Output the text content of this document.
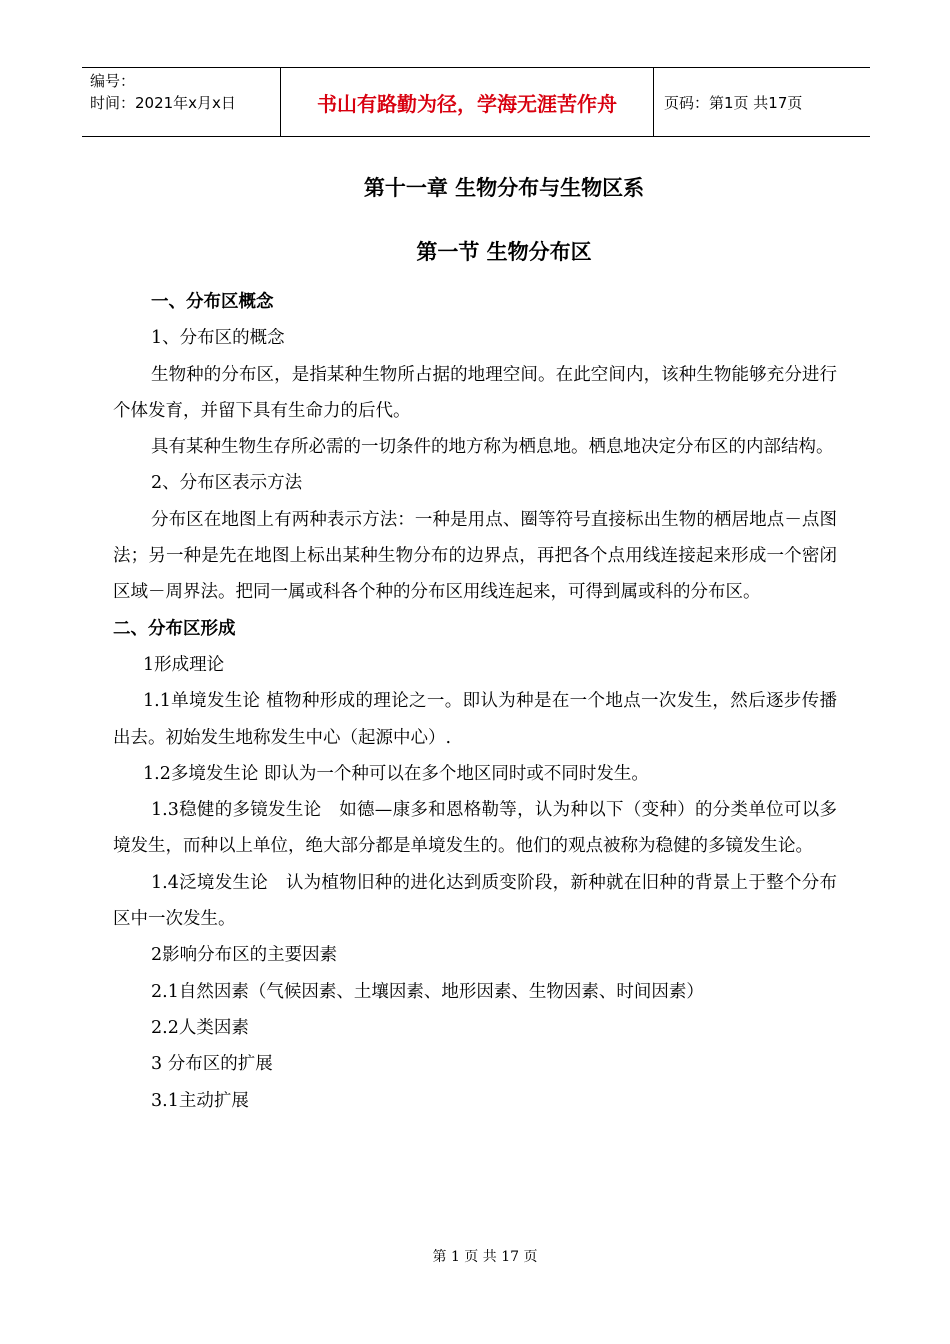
编号：
时间：2021年x月x日	书山有路勤为径，学海无涯苦作舟	页码：第1页 共17页
第十一章 生物分布与生物区系
第一节 生物分布区

一、分布区概念

1、分布区的概念

生物种的分布区，是指某种生物所占据的地理空间。在此空间内，该种生物能够充分进行个体发育，并留下具有生命力的后代。

具有某种生物生存所必需的一切条件的地方称为栖息地。栖息地决定分布区的内部结构。

2、分布区表示方法

分布区在地图上有两种表示方法：一种是用点、圈等符号直接标出生物的栖居地点－点图法；另一种是先在地图上标出某种生物分布的边界点，再把各个点用线连接起来形成一个密闭区域－周界法。把同一属或科各个种的分布区用线连起来，可得到属或科的分布区。

二、分布区形成

1形成理论

1.1单境发生论 植物种形成的理论之一。即认为种是在一个地点一次发生，然后逐步传播出去。初始发生地称发生中心（起源中心）.

1.2多境发生论 即认为一个种可以在多个地区同时或不同时发生。

1.3稳健的多镜发生论　如德—康多和恩格勒等，认为种以下（变种）的分类单位可以多境发生，而种以上单位，绝大部分都是单境发生的。他们的观点被称为稳健的多镜发生论。

1.4泛境发生论　认为植物旧种的进化达到质变阶段，新种就在旧种的背景上于整个分布区中一次发生。

2影响分布区的主要因素

2.1自然因素（气候因素、土壤因素、地形因素、生物因素、时间因素）

2.2人类因素

3 分布区的扩展

3.1主动扩展

第 1 页 共 17 页
